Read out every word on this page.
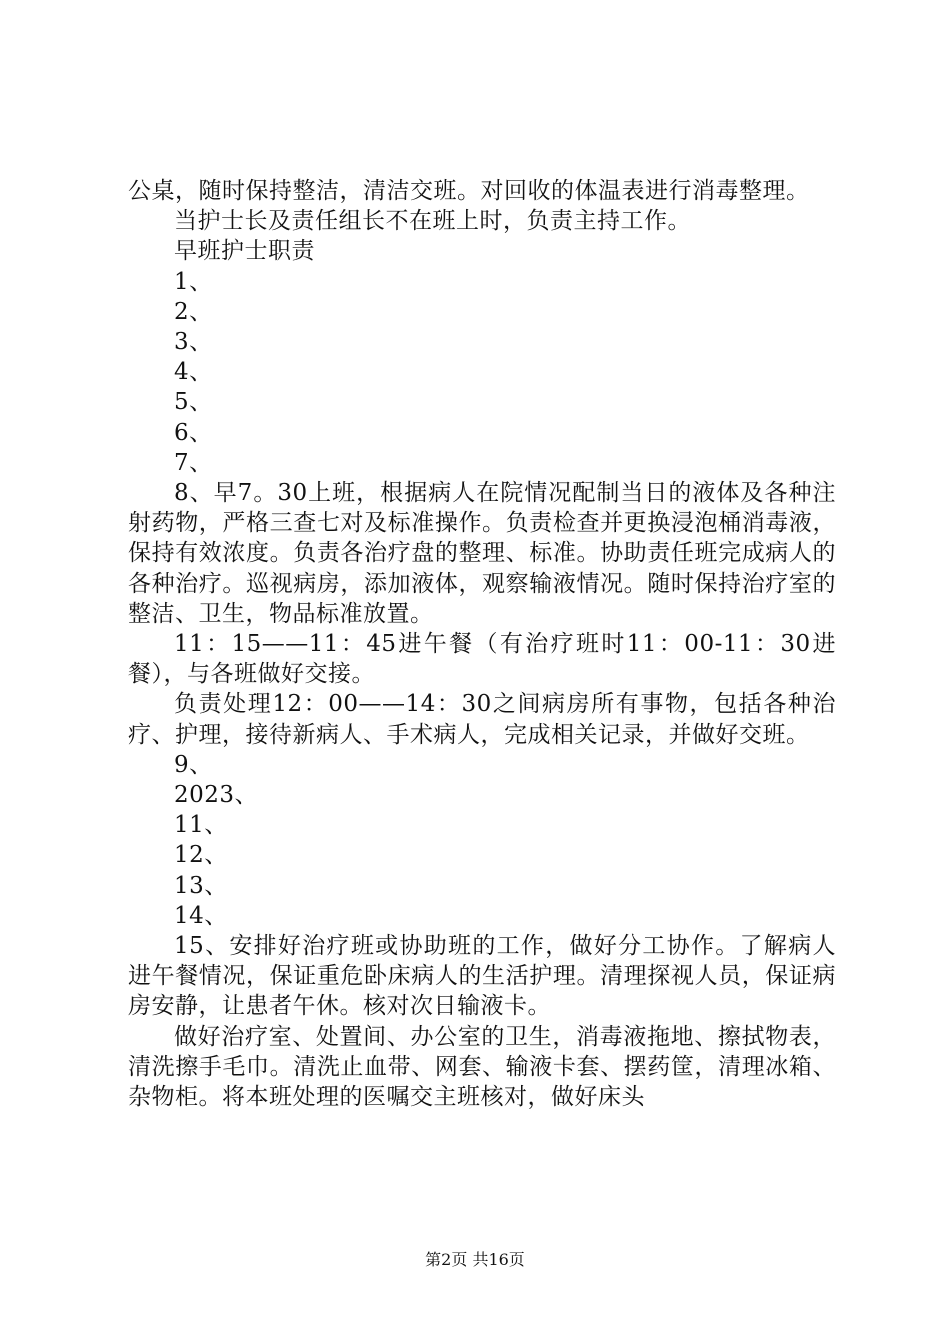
公桌，随时保持整洁，清洁交班。对回收的体温表进行消毒整理。

当护士长及责任组长不在班上时，负责主持工作。

早班护士职责

1、

2、

3、

4、

5、

6、

7、

8、早7。30上班，根据病人在院情况配制当日的液体及各种注射药物，严格三查七对及标准操作。负责检查并更换浸泡桶消毒液，保持有效浓度。负责各治疗盘的整理、标准。协助责任班完成病人的各种治疗。巡视病房，添加液体，观察输液情况。随时保持治疗室的整洁、卫生，物品标准放置。

11：15——11：45进午餐（有治疗班时11：00-11：30进餐），与各班做好交接。

负责处理12：00——14：30之间病房所有事物，包括各种治疗、护理，接待新病人、手术病人，完成相关记录，并做好交班。

9、

2023、

11、

12、

13、

14、

15、安排好治疗班或协助班的工作，做好分工协作。了解病人进午餐情况，保证重危卧床病人的生活护理。清理探视人员，保证病房安静，让患者午休。核对次日输液卡。

做好治疗室、处置间、办公室的卫生，消毒液拖地、擦拭物表，清洗擦手毛巾。清洗止血带、网套、输液卡套、摆药筐，清理冰箱、杂物柜。将本班处理的医嘱交主班核对，做好床头

第2页 共16页
